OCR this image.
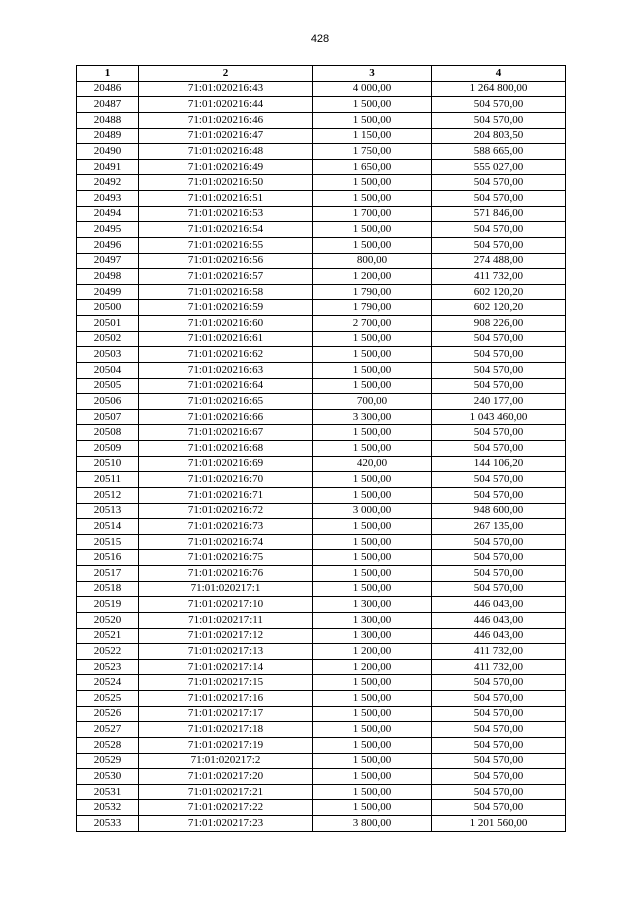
428
1	2	3	4
20486	71:01:020216:43	4 000,00	1 264 800,00
20487	71:01:020216:44	1 500,00	504 570,00
20488	71:01:020216:46	1 500,00	504 570,00
20489	71:01:020216:47	1 150,00	204 803,50
20490	71:01:020216:48	1 750,00	588 665,00
20491	71:01:020216:49	1 650,00	555 027,00
20492	71:01:020216:50	1 500,00	504 570,00
20493	71:01:020216:51	1 500,00	504 570,00
20494	71:01:020216:53	1 700,00	571 846,00
20495	71:01:020216:54	1 500,00	504 570,00
20496	71:01:020216:55	1 500,00	504 570,00
20497	71:01:020216:56	800,00	274 488,00
20498	71:01:020216:57	1 200,00	411 732,00
20499	71:01:020216:58	1 790,00	602 120,20
20500	71:01:020216:59	1 790,00	602 120,20
20501	71:01:020216:60	2 700,00	908 226,00
20502	71:01:020216:61	1 500,00	504 570,00
20503	71:01:020216:62	1 500,00	504 570,00
20504	71:01:020216:63	1 500,00	504 570,00
20505	71:01:020216:64	1 500,00	504 570,00
20506	71:01:020216:65	700,00	240 177,00
20507	71:01:020216:66	3 300,00	1 043 460,00
20508	71:01:020216:67	1 500,00	504 570,00
20509	71:01:020216:68	1 500,00	504 570,00
20510	71:01:020216:69	420,00	144 106,20
20511	71:01:020216:70	1 500,00	504 570,00
20512	71:01:020216:71	1 500,00	504 570,00
20513	71:01:020216:72	3 000,00	948 600,00
20514	71:01:020216:73	1 500,00	267 135,00
20515	71:01:020216:74	1 500,00	504 570,00
20516	71:01:020216:75	1 500,00	504 570,00
20517	71:01:020216:76	1 500,00	504 570,00
20518	71:01:020217:1	1 500,00	504 570,00
20519	71:01:020217:10	1 300,00	446 043,00
20520	71:01:020217:11	1 300,00	446 043,00
20521	71:01:020217:12	1 300,00	446 043,00
20522	71:01:020217:13	1 200,00	411 732,00
20523	71:01:020217:14	1 200,00	411 732,00
20524	71:01:020217:15	1 500,00	504 570,00
20525	71:01:020217:16	1 500,00	504 570,00
20526	71:01:020217:17	1 500,00	504 570,00
20527	71:01:020217:18	1 500,00	504 570,00
20528	71:01:020217:19	1 500,00	504 570,00
20529	71:01:020217:2	1 500,00	504 570,00
20530	71:01:020217:20	1 500,00	504 570,00
20531	71:01:020217:21	1 500,00	504 570,00
20532	71:01:020217:22	1 500,00	504 570,00
20533	71:01:020217:23	3 800,00	1 201 560,00
